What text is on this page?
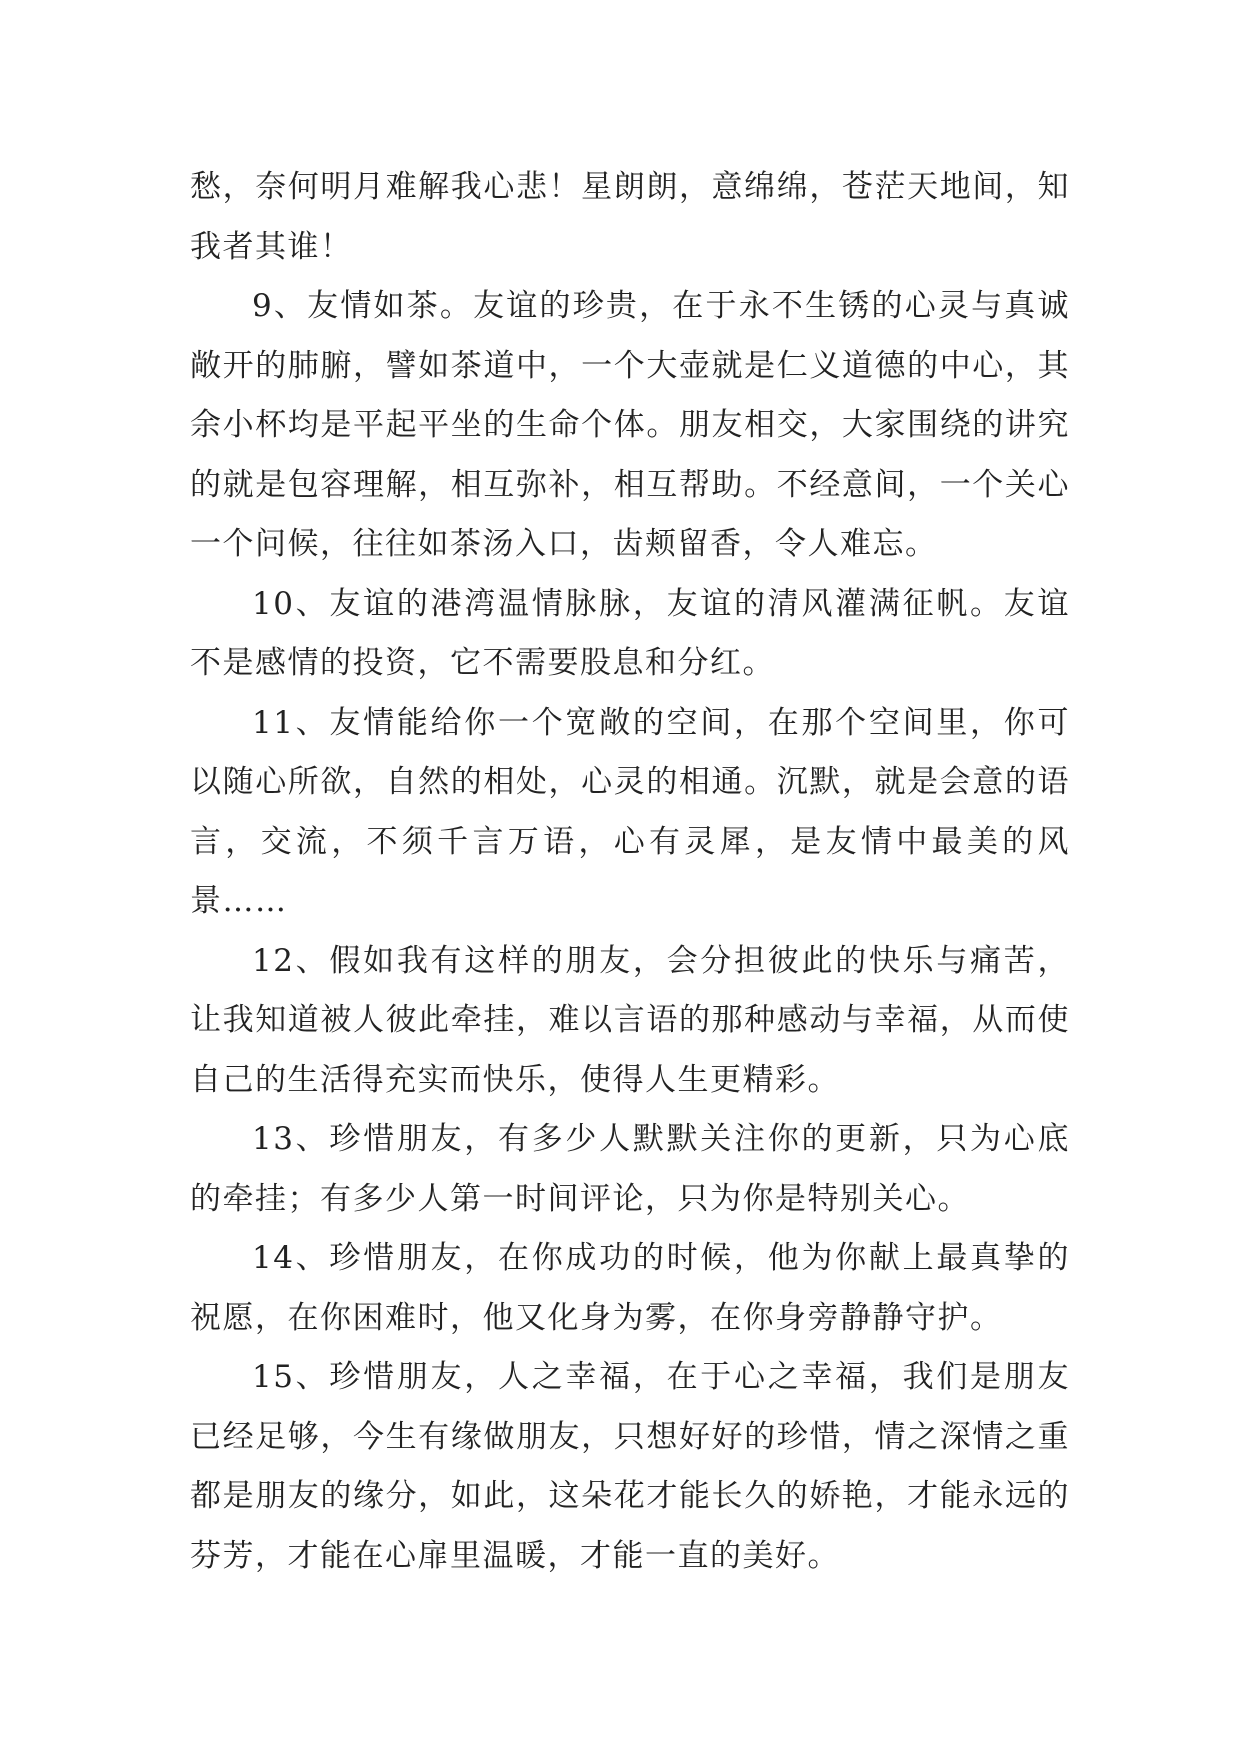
愁，奈何明月难解我心悲！星朗朗，意绵绵，苍茫天地间，知我者其谁！

9、友情如茶。友谊的珍贵，在于永不生锈的心灵与真诚敞开的肺腑，譬如茶道中，一个大壶就是仁义道德的中心，其余小杯均是平起平坐的生命个体。朋友相交，大家围绕的讲究的就是包容理解，相互弥补，相互帮助。不经意间，一个关心一个问候，往往如茶汤入口，齿颊留香，令人难忘。

10、友谊的港湾温情脉脉，友谊的清风灌满征帆。友谊不是感情的投资，它不需要股息和分红。

11、友情能给你一个宽敞的空间，在那个空间里，你可以随心所欲，自然的相处，心灵的相通。沉默，就是会意的语言，交流，不须千言万语，心有灵犀，是友情中最美的风景……

12、假如我有这样的朋友，会分担彼此的快乐与痛苦，让我知道被人彼此牵挂，难以言语的那种感动与幸福，从而使自己的生活得充实而快乐，使得人生更精彩。

13、珍惜朋友，有多少人默默关注你的更新，只为心底的牵挂；有多少人第一时间评论，只为你是特别关心。

14、珍惜朋友，在你成功的时候，他为你献上最真挚的祝愿，在你困难时，他又化身为雾，在你身旁静静守护。

15、珍惜朋友，人之幸福，在于心之幸福，我们是朋友已经足够，今生有缘做朋友，只想好好的珍惜，情之深情之重都是朋友的缘分，如此，这朵花才能长久的娇艳，才能永远的芬芳，才能在心扉里温暖，才能一直的美好。
